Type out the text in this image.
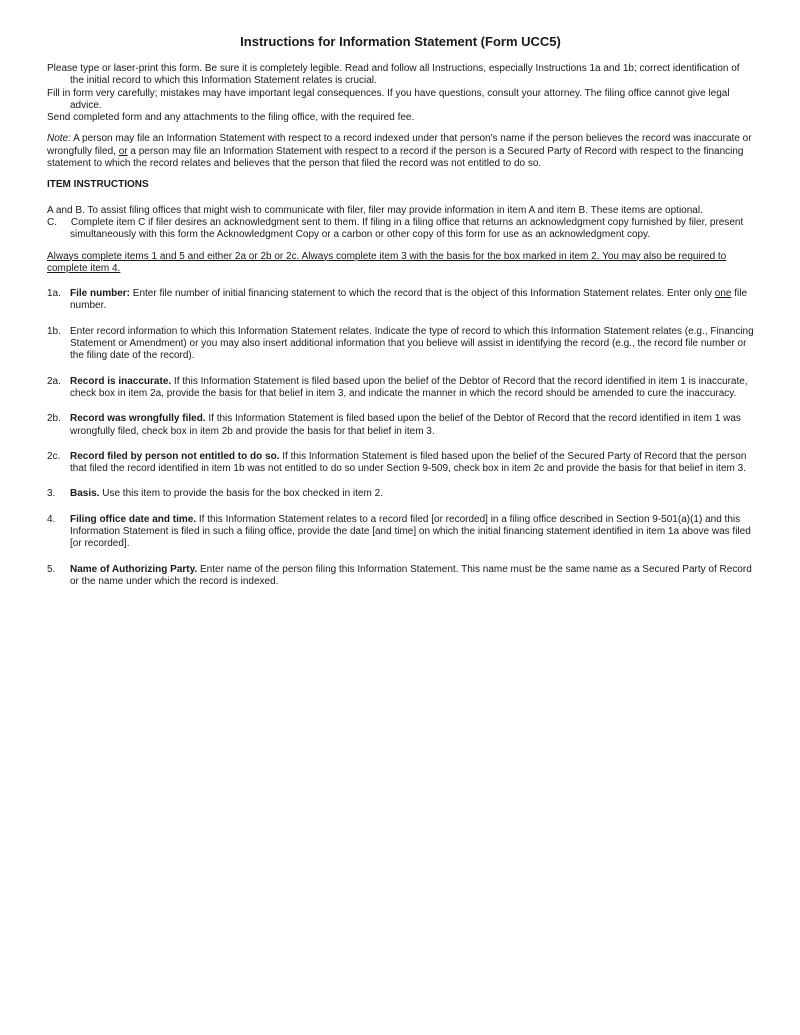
Instructions for Information Statement (Form UCC5)

Please type or laser-print this form. Be sure it is completely legible. Read and follow all Instructions, especially Instructions 1a and 1b; correct identification of the initial record to which this Information Statement relates is crucial.

Fill in form very carefully; mistakes may have important legal consequences. If you have questions, consult your attorney. The filing office cannot give legal advice.

Send completed form and any attachments to the filing office, with the required fee.

Note: A person may file an Information Statement with respect to a record indexed under that person's name if the person believes the record was inaccurate or wrongfully filed, or a person may file an Information Statement with respect to a record if the person is a Secured Party of Record with respect to the financing statement to which the record relates and believes that the person that filed the record was not entitled to do so.

ITEM INSTRUCTIONS

A and B. To assist filing offices that might wish to communicate with filer, filer may provide information in item A and item B. These items are optional.

C.     Complete item C if filer desires an acknowledgment sent to them. If filing in a filing office that returns an acknowledgment copy furnished by filer, present simultaneously with this form the Acknowledgment Copy or a carbon or other copy of this form for use as an acknowledgment copy.

Always complete items 1 and 5 and either 2a or 2b or 2c. Always complete item 3 with the basis for the box marked in item 2. You may also be required to complete item 4.

1a. File number: Enter file number of initial financing statement to which the record that is the object of this Information Statement relates. Enter only one file number.
1b. Enter record information to which this Information Statement relates. Indicate the type of record to which this Information Statement relates (e.g., Financing Statement or Amendment) or you may also insert additional information that you believe will assist in identifying the record (e.g., the record file number or the filing date of the record).
2a. Record is inaccurate. If this Information Statement is filed based upon the belief of the Debtor of Record that the record identified in item 1 is inaccurate, check box in item 2a, provide the basis for that belief in item 3, and indicate the manner in which the record should be amended to cure the inaccuracy.
2b. Record was wrongfully filed. If this Information Statement is filed based upon the belief of the Debtor of Record that the record identified in item 1 was wrongfully filed, check box in item 2b and provide the basis for that belief in item 3.
2c. Record filed by person not entitled to do so. If this Information Statement is filed based upon the belief of the Secured Party of Record that the person that filed the record identified in item 1b was not entitled to do so under Section 9-509, check box in item 2c and provide the basis for that belief in item 3.
3.	Basis. Use this item to provide the basis for the box checked in item 2.
4.	Filing office date and time. If this Information Statement relates to a record filed [or recorded] in a filing office described in Section 9-501(a)(1) and this Information Statement is filed in such a filing office, provide the date [and time] on which the initial financing statement identified in item 1a above was filed [or recorded].
5.	Name of Authorizing Party. Enter name of the person filing this Information Statement. This name must be the same name as a Secured Party of Record or the name under which the record is indexed.
